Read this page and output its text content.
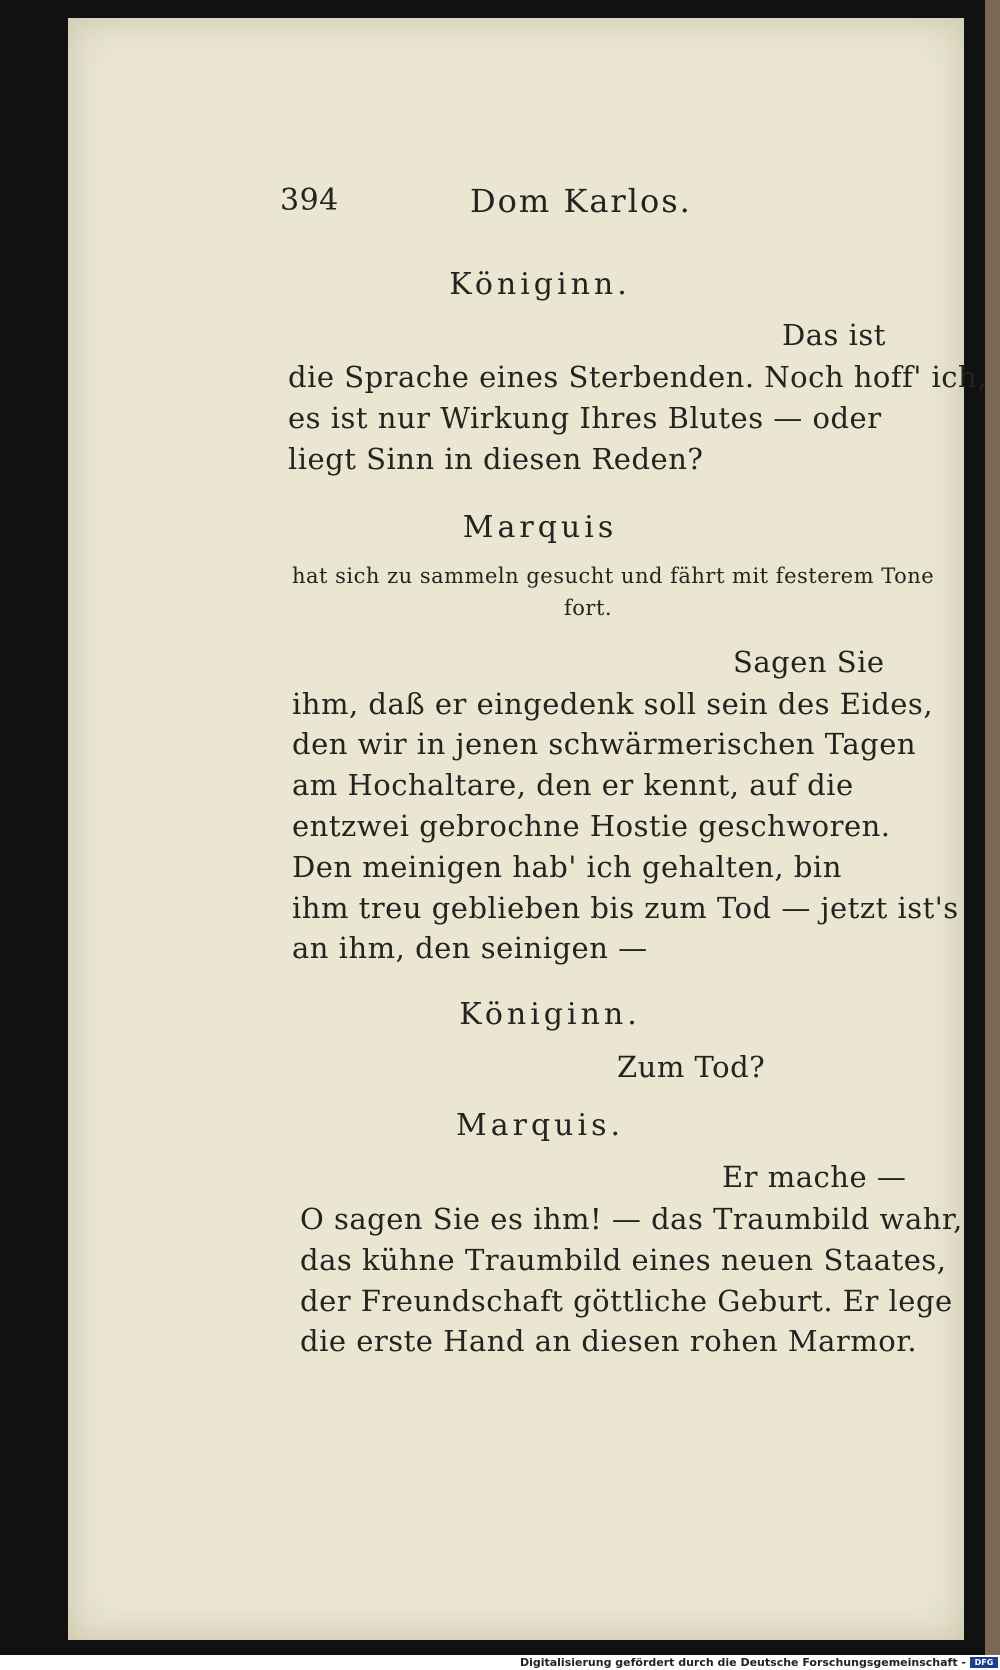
394	Dom Karlos.
Königinn.
Das ist
die Sprache eines Sterbenden. Noch hoff' ich,
es ist nur Wirkung Ihres Blutes — oder
liegt Sinn in diesen Reden?
Marquis
hat sich zu sammeln gesucht und fährt mit festerem Tone
fort.
Sagen Sie
ihm, daß er eingedenk soll sein des Eides,
den wir in jenen schwärmerischen Tagen
am Hochaltare, den er kennt, auf die
entzwei gebrochne Hostie geschworen.
Den meinigen hab' ich gehalten, bin
ihm treu geblieben bis zum Tod — jetzt ist's
an ihm, den seinigen —
Königinn.
Zum Tod?
Marquis.
Er mache —
O sagen Sie es ihm! — das Traumbild wahr,
das kühne Traumbild eines neuen Staates,
der Freundschaft göttliche Geburt. Er lege
die erste Hand an diesen rohen Marmor.
Digitalisierung gefördert durch die Deutsche Forschungsgemeinschaft -	DFG
